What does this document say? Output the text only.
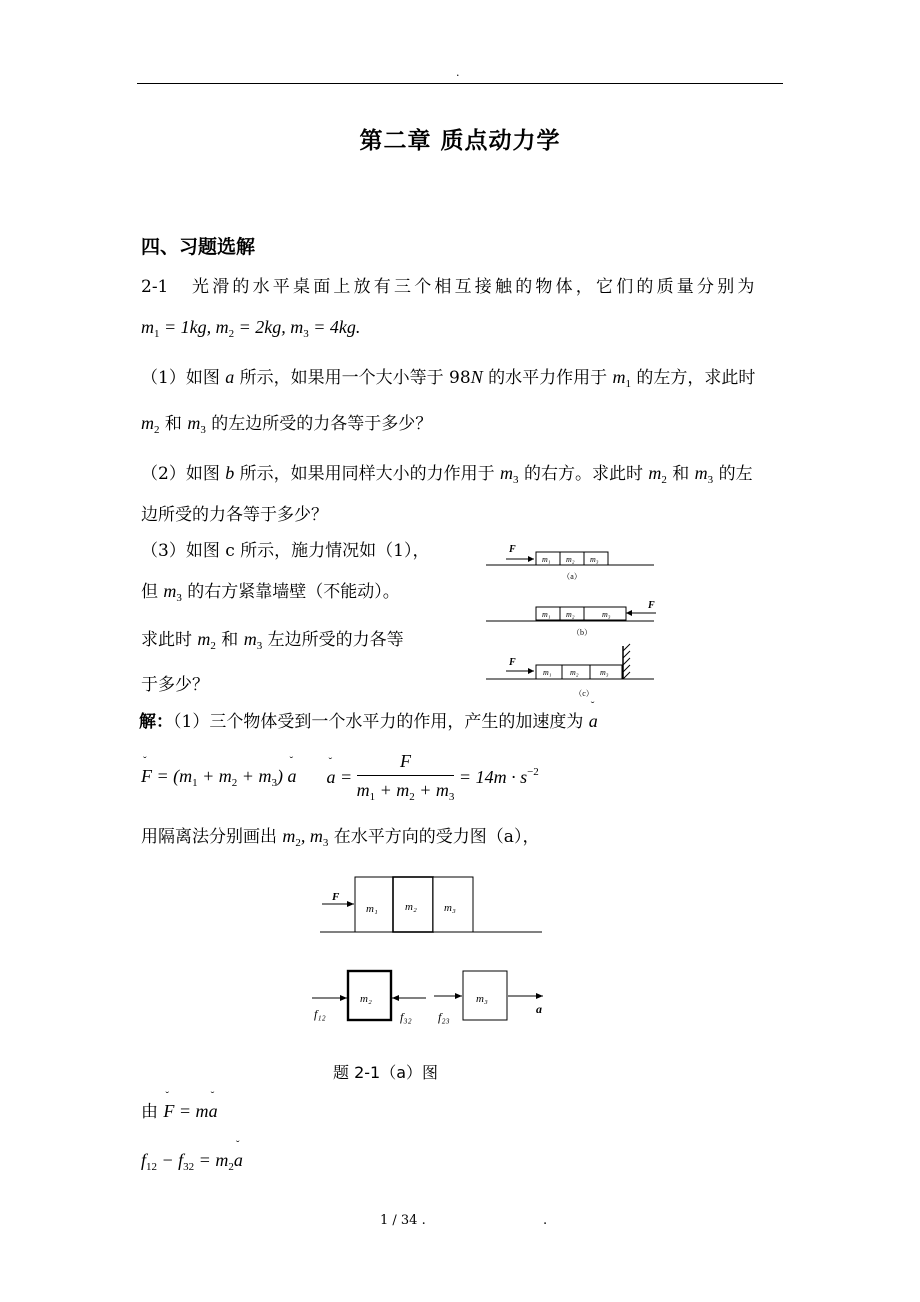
.
第二章 质点动力学
四、习题选解
2-1 光滑的水平桌面上放有三个相互接触的物体，它们的质量分别为
$m_1 = 1kg$, $m_2 = 2kg$, $m_3 = 4kg$.
（1）如图 a 所示，如果用一个大小等于 98N 的水平力作用于 $m_1$ 的左方，求此时
$m_2$ 和 $m_3$ 的左边所受的力各等于多少？
（2）如图 b 所示，如果用同样大小的力作用于 $m_3$ 的右方。求此时 $m_2$ 和 $m_3$ 的左
边所受的力各等于多少？
（3）如图 c 所示，施力情况如（1），
但 $m_3$ 的右方紧靠墙壁（不能动）。
求此时 $m_2$ 和 $m_3$ 左边所受的力各等
于多少？
F
m₁ m₂ m₃
（a）
m₁ m₂	m₃
F
（b）
F
m₁ m₂	m₃
（c）
解：（1）三个物体受到一个水平力的作用，产生的加速度为 ˇ a
ˇ $F = (m_1 + m_2 + m_3)$ ˇ a
ˇ $a = \frac{F}{m_1 + m_2 + m_3} = 14m \cdot s^{-2}$
用隔离法分别画出 $m_2$, $m_3$ 在水平方向的受力图（a），
F
m₁ m₂ m₃
m₂
f₁₂	f₃₂
m₃
f₂₃
a
题 2-1（a）图
由 ˇ F = mˇ a
$f_{12} - f_{32}$ = $m_2ˇ$ a
1 / 34 .	.
